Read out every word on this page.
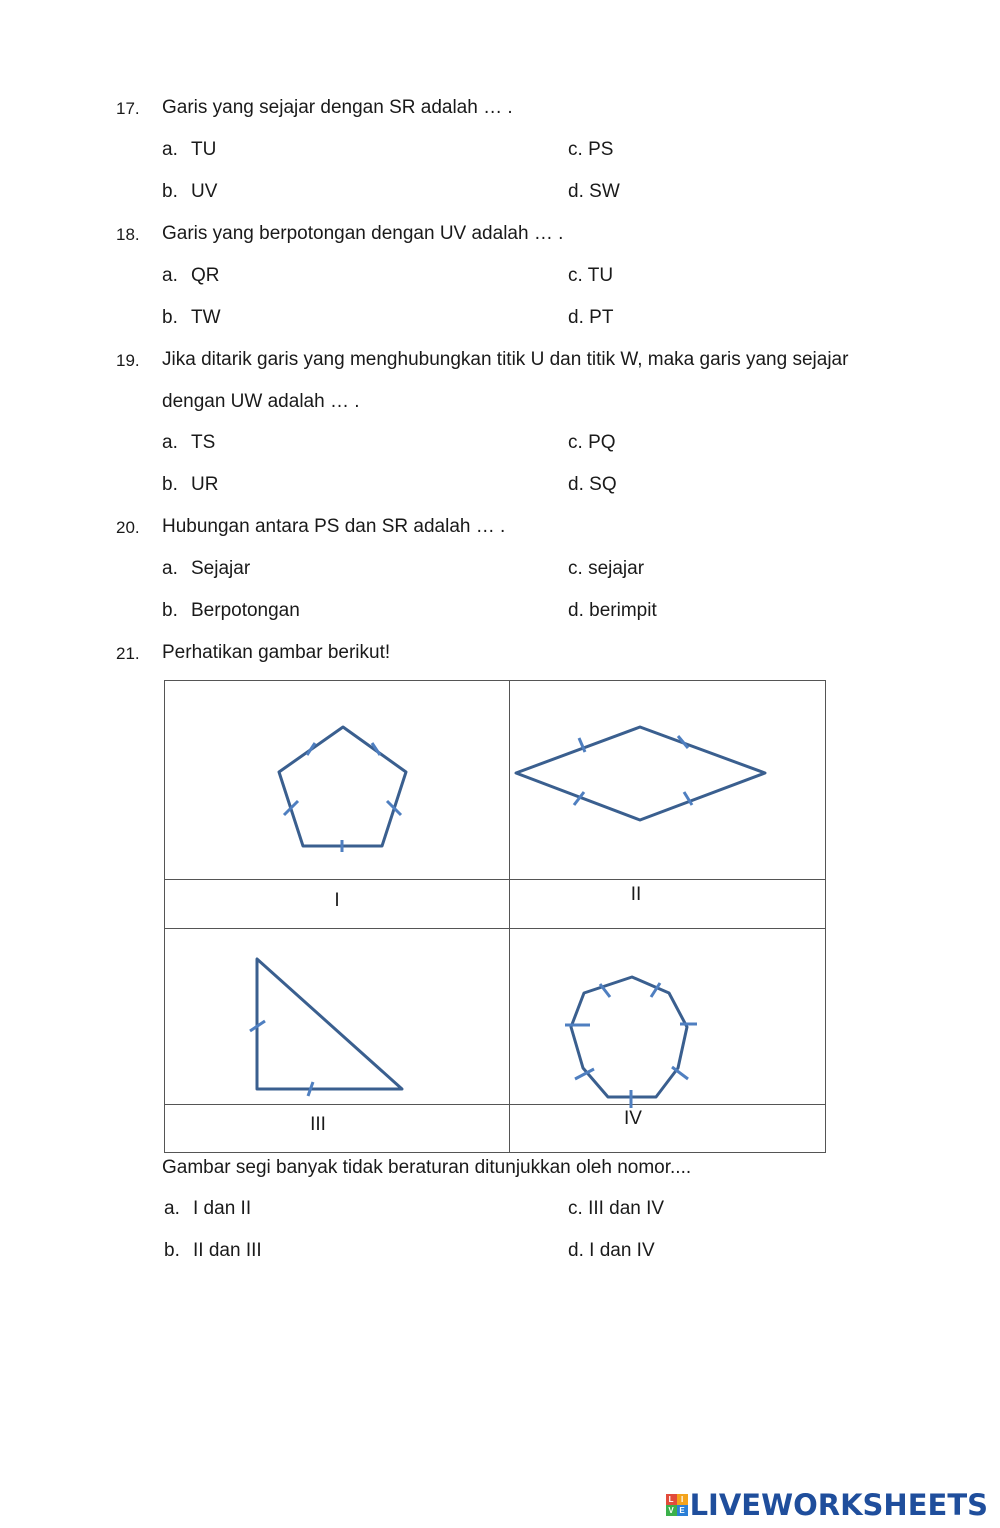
17. Garis yang sejajar dengan SR adalah … .
a. TU
b. UV
c. PS
d. SW
18. Garis yang berpotongan dengan UV adalah … .
a. QR
b. TW
c. TU
d. PT
19. Jika ditarik garis yang menghubungkan titik U dan titik W, maka garis yang sejajar
dengan UW adalah … .
a. TS
b. UR
c. PQ
d. SQ
20. Hubungan antara PS dan SR adalah … .
a. Sejajar
b. Berpotongan
c. sejajar
d. berimpit
21. Perhatikan gambar berikut!
I	II
III	IV
Gambar segi banyak tidak beraturan ditunjukkan oleh nomor....
a. I dan II
b. II dan III
c. III dan IV
d. I dan IV
L I
V E LIVEWORKSHEETS
